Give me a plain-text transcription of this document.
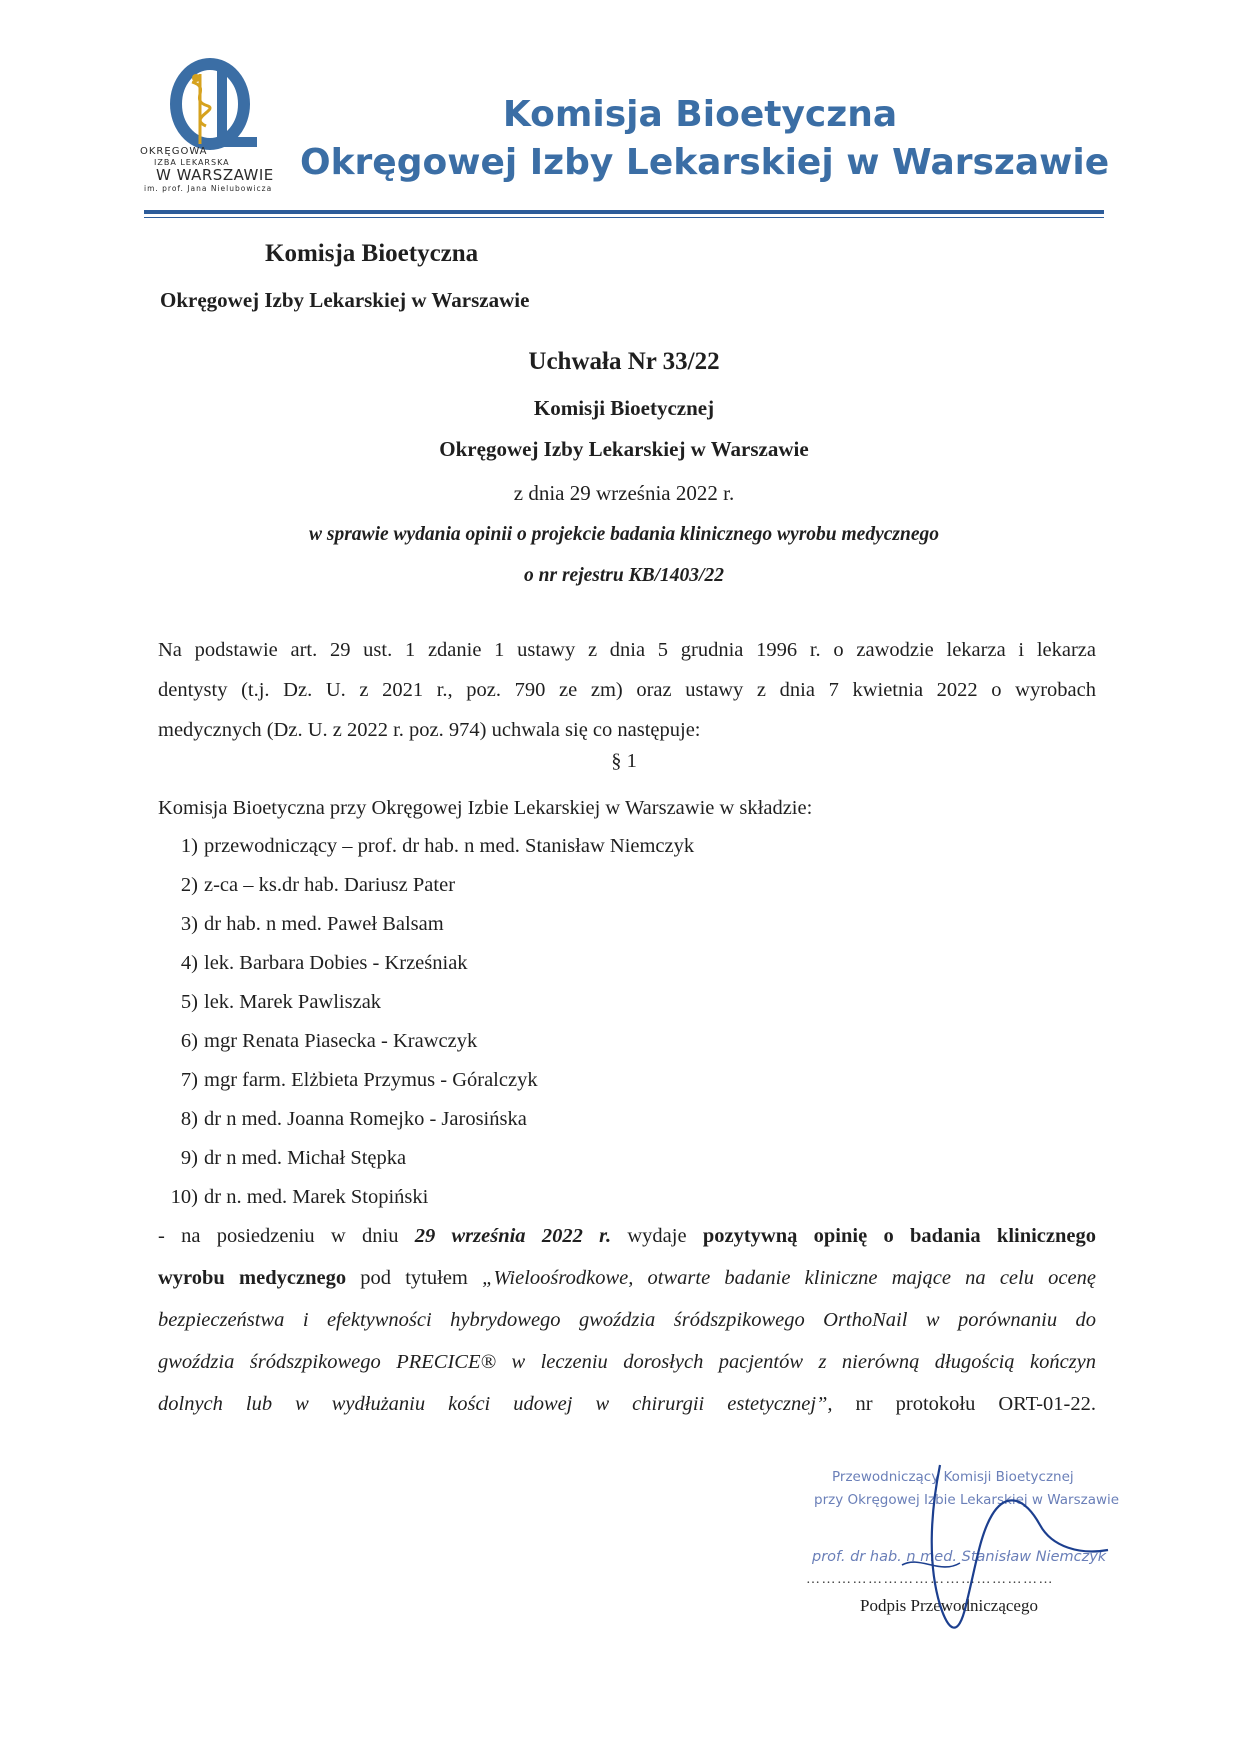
OKRĘGOWA
IZBA LEKARSKA
W WARSZAWIE
im. prof. Jana Nielubowicza
Komisja Bioetyczna
Okręgowej Izby Lekarskiej w Warszawie
Komisja Bioetyczna
Okręgowej Izby Lekarskiej w Warszawie
Uchwała Nr 33/22
Komisji Bioetycznej
Okręgowej Izby Lekarskiej w Warszawie
z dnia 29 września 2022 r.
w sprawie wydania opinii o projekcie badania klinicznego wyrobu medycznego
o nr rejestru KB/1403/22
Na podstawie art. 29 ust. 1 zdanie 1 ustawy z dnia 5 grudnia 1996 r. o zawodzie lekarza i lekarza
dentysty (t.j. Dz. U. z 2021 r., poz. 790 ze zm) oraz ustawy z dnia 7 kwietnia 2022 o wyrobach
medycznych (Dz. U. z 2022 r. poz. 974) uchwala się co następuje:
§ 1
Komisja Bioetyczna przy Okręgowej Izbie Lekarskiej w Warszawie w składzie:
1) przewodniczący – prof. dr hab. n med. Stanisław Niemczyk
2) z-ca – ks.dr hab. Dariusz Pater
3) dr hab. n med. Paweł Balsam
4) lek. Barbara Dobies - Krześniak
5) lek. Marek Pawliszak
6) mgr Renata Piasecka - Krawczyk
7) mgr farm. Elżbieta Przymus - Góralczyk
8) dr n med. Joanna Romejko - Jarosińska
9) dr n med. Michał Stępka
10) dr n. med. Marek Stopiński
- na posiedzeniu w dniu 29 września 2022 r. wydaje pozytywną opinię o badania klinicznego
wyrobu medycznego pod tytułem „Wieloośrodkowe, otwarte badanie kliniczne mające na celu ocenę
bezpieczeństwa i efektywności hybrydowego gwoździa śródszpikowego OrthoNail w porównaniu do
gwoździa śródszpikowego PRECICE® w leczeniu dorosłych pacjentów z nierówną długością kończyn
dolnych lub w wydłużaniu kości udowej w chirurgii estetycznej”, nr protokołu ORT-01-22.
Przewodniczący Komisji Bioetycznej
przy Okręgowej Izbie Lekarskiej w Warszawie
prof. dr hab. n med. Stanisław Niemczyk
…………………………………………
Podpis Przewodniczącego
